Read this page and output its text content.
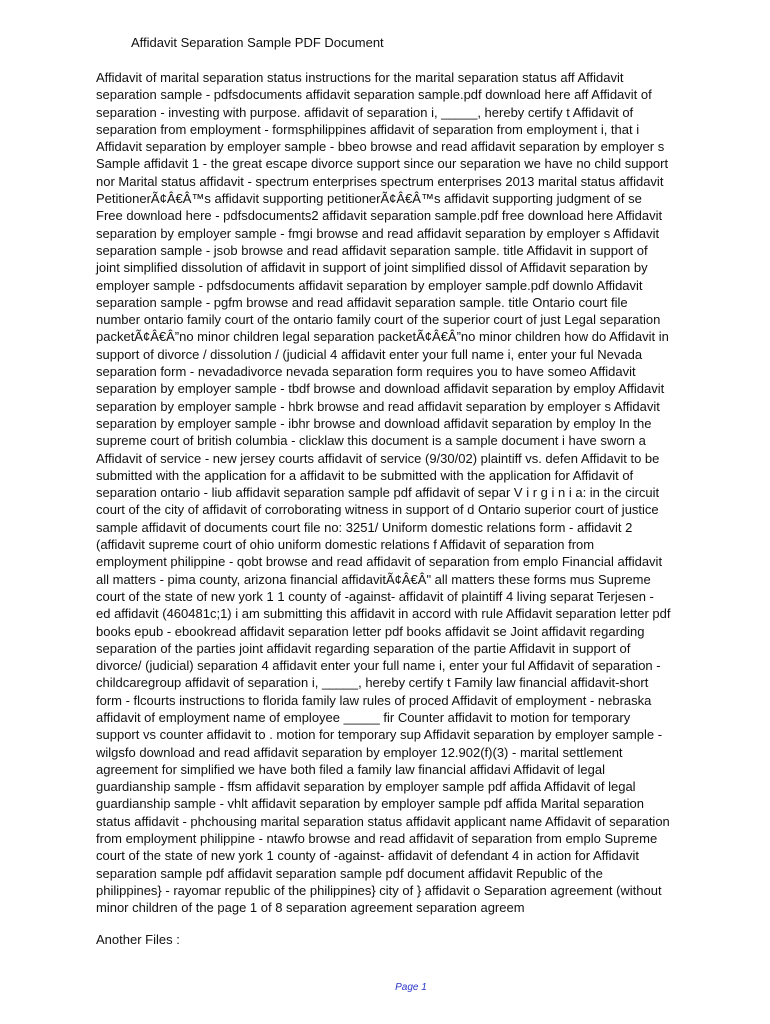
Affidavit Separation Sample PDF Document
Affidavit of marital separation status instructions for the marital separation status aff Affidavit
separation sample - pdfsdocuments affidavit separation sample.pdf download here aff Affidavit of
separation - investing with purpose. affidavit of separation i, _____, hereby certify t Affidavit of
separation from employment - formsphilippines affidavit of separation from employment i, that i
Affidavit separation by employer sample - bbeo browse and read affidavit separation by employer s
Sample affidavit 1 - the great escape divorce support since our separation we have no child support
nor Marital status affidavit - spectrum enterprises spectrum enterprises 2013 marital status affidavit
PetitionerÃ¢Â€Â™s affidavit supporting petitionerÃ¢Â€Â™s affidavit supporting judgment of se
Free download here - pdfsdocuments2 affidavit separation sample.pdf free download here Affidavit
separation by employer sample - fmgi browse and read affidavit separation by employer s Affidavit
separation sample - jsob browse and read affidavit separation sample. title Affidavit in support of
joint simplified dissolution of affidavit in support of joint simplified dissol of Affidavit separation by
employer sample - pdfsdocuments affidavit separation by employer sample.pdf downlo Affidavit
separation sample - pgfm browse and read affidavit separation sample. title Ontario court file
number ontario family court of the ontario family court of the superior court of just Legal separation
packetÃ¢Â€Â”no minor children legal separation packetÃ¢Â€Â”no minor children how do Affidavit in
support of divorce / dissolution / (judicial 4 affidavit enter your full name i, enter your ful Nevada
separation form - nevadadivorce nevada separation form requires you to have someo Affidavit
separation by employer sample - tbdf browse and download affidavit separation by employ Affidavit
separation by employer sample - hbrk browse and read affidavit separation by employer s Affidavit
separation by employer sample - ibhr browse and download affidavit separation by employ In the
supreme court of british columbia - clicklaw this document is a sample document i have sworn a
Affidavit of service - new jersey courts affidavit of service (9/30/02) plaintiff vs. defen Affidavit to be
submitted with the application for a affidavit to be submitted with the application for Affidavit of
separation ontario - liub affidavit separation sample pdf affidavit of separ V i r g i n i a: in the circuit
court of the city of affidavit of corroborating witness in support of d Ontario superior court of justice
sample affidavit of documents court file no: 3251/ Uniform domestic relations form - affidavit 2
(affidavit supreme court of ohio uniform domestic relations f Affidavit of separation from
employment philippine - qobt browse and read affidavit of separation from emplo Financial affidavit
all matters - pima county, arizona financial affidavitÃ¢Â€Â" all matters these forms mus Supreme
court of the state of new york 1 1 county of -against- affidavit of plaintiff 4 living separat Terjesen -
ed affidavit (460481c;1) i am submitting this affidavit in accord with rule Affidavit separation letter pdf
books epub - ebookread affidavit separation letter pdf books affidavit se Joint affidavit regarding
separation of the parties joint affidavit regarding separation of the partie Affidavit in support of
divorce/ (judicial) separation 4 affidavit enter your full name i, enter your ful Affidavit of separation -
childcaregroup affidavit of separation i, _____, hereby certify t Family law financial affidavit-short
form - flcourts instructions to florida family law rules of proced Affidavit of employment - nebraska
affidavit of employment name of employee _____ fir Counter affidavit to motion for temporary
support vs counter affidavit to . motion for temporary sup Affidavit separation by employer sample -
wilgsfo download and read affidavit separation by employer 12.902(f)(3) - marital settlement
agreement for simplified we have both filed a family law financial affidavi Affidavit of legal
guardianship sample - ffsm affidavit separation by employer sample pdf affida Affidavit of legal
guardianship sample - vhlt affidavit separation by employer sample pdf affida Marital separation
status affidavit - phchousing marital separation status affidavit applicant name Affidavit of separation
from employment philippine - ntawfo browse and read affidavit of separation from emplo Supreme
court of the state of new york 1 county of -against- affidavit of defendant 4 in action for Affidavit
separation sample pdf affidavit separation sample pdf document affidavit Republic of the
philippines} - rayomar republic of the philippines} city of } affidavit o Separation agreement (without
minor children of the page 1 of 8 separation agreement separation agreem
Another Files :
Page 1
